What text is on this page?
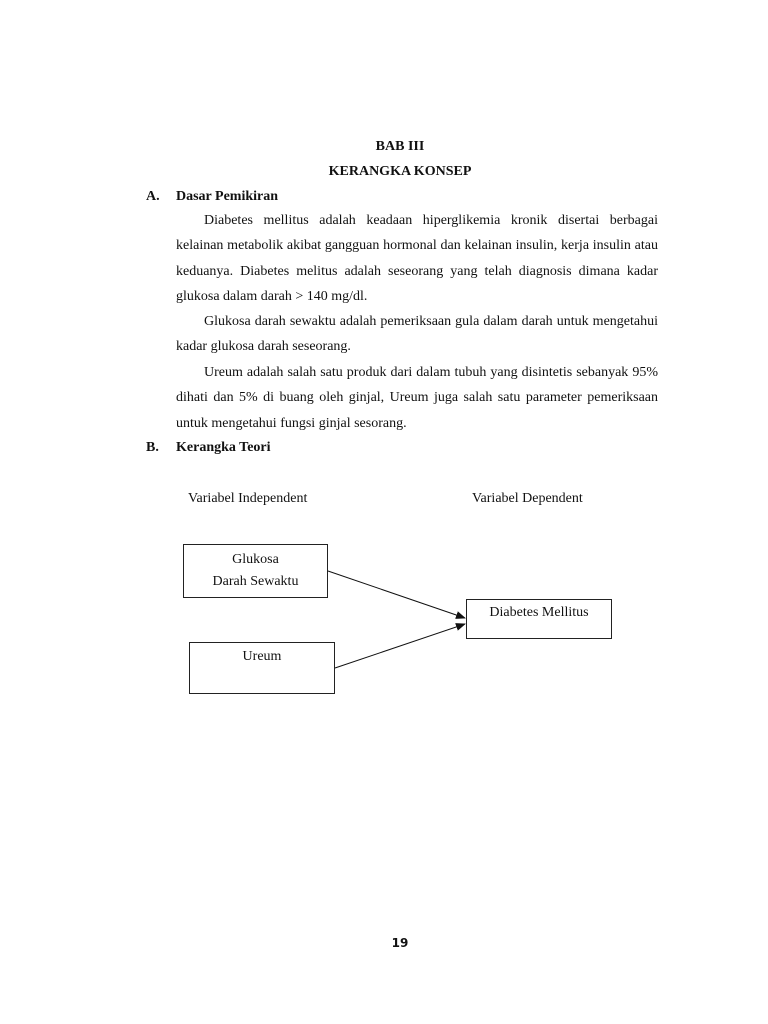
BAB III
KERANGKA KONSEP
A. Dasar Pemikiran

Diabetes mellitus adalah keadaan hiperglikemia kronik disertai berbagai kelainan metabolik akibat gangguan hormonal dan kelainan insulin, kerja insulin atau keduanya. Diabetes melitus adalah seseorang yang telah diagnosis dimana kadar glukosa dalam darah > 140 mg/dl.

Glukosa darah sewaktu adalah pemeriksaan gula dalam darah untuk mengetahui kadar glukosa darah seseorang.

Ureum adalah salah satu produk dari dalam tubuh yang disintetis sebanyak 95% dihati dan 5% di buang oleh ginjal, Ureum juga salah satu parameter pemeriksaan untuk mengetahui fungsi ginjal sesorang.

B. Kerangka Teori
Variabel Independent	Variabel Dependent
Glukosa
Darah Sewaktu
Ureum
Diabetes Mellitus
19
